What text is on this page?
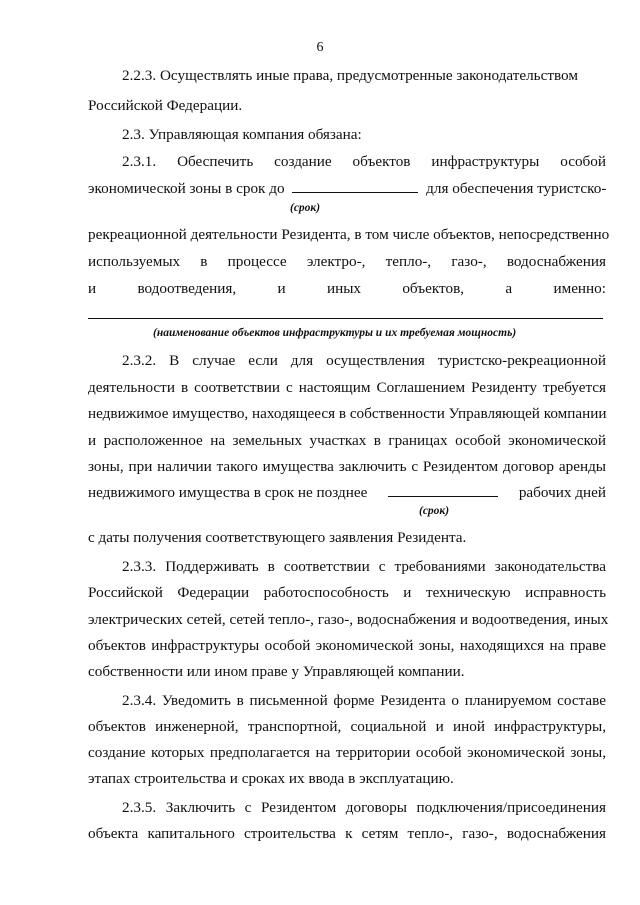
6
2.2.3. Осуществлять иные права, предусмотренные законодательством
Российской Федерации.
2.3. Управляющая компания обязана:
2.3.1. Обеспечить создание объектов инфраструктуры особой
экономической зоны в срок до	для обеспечения туристско-
(срок)
рекреационной деятельности Резидента, в том числе объектов, непосредственно
используемых в процессе электро-, тепло-, газо-, водоснабжения
и водоотведения, и иных объектов, а именно:
(наименование объектов инфраструктуры и их требуемая мощность)
2.3.2. В случае если для осуществления туристско-рекреационной
деятельности в соответствии с настоящим Соглашением Резиденту требуется
недвижимое имущество, находящееся в собственности Управляющей компании
и расположенное на земельных участках в границах особой экономической
зоны, при наличии такого имущества заключить с Резидентом договор аренды
недвижимого имущества в срок не позднее	рабочих дней
(срок)
с даты получения соответствующего заявления Резидента.
2.3.3. Поддерживать в соответствии с требованиями законодательства
Российской Федерации работоспособность и техническую исправность
электрических сетей, сетей тепло-, газо-, водоснабжения и водоотведения, иных
объектов инфраструктуры особой экономической зоны, находящихся на праве
собственности или ином праве у Управляющей компании.
2.3.4. Уведомить в письменной форме Резидента о планируемом составе
объектов инженерной, транспортной, социальной и иной инфраструктуры,
создание которых предполагается на территории особой экономической зоны,
этапах строительства и сроках их ввода в эксплуатацию.
2.3.5. Заключить с Резидентом договоры подключения/присоединения
объекта капитального строительства к сетям тепло-, газо-, водоснабжения
